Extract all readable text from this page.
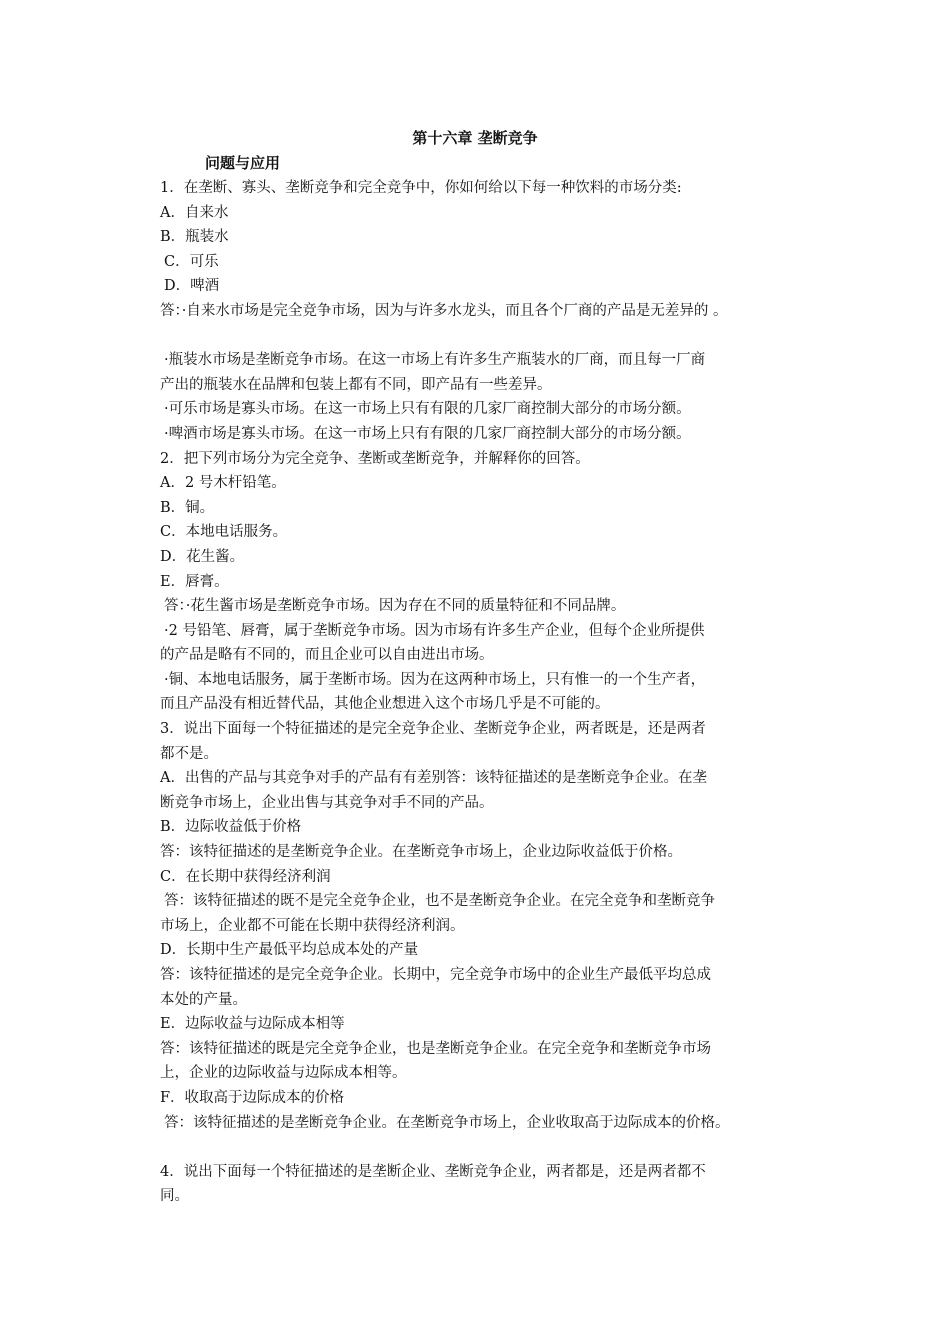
第十六章 垄断竞争
问题与应用
1．在垄断、寡头、垄断竞争和完全竞争中，你如何给以下每一种饮料的市场分类:
A．自来水
B．瓶装水
C．可乐
D．啤酒
答：·自来水市场是完全竞争市场，因为与许多水龙头，而且各个厂商的产品是无差异的 。
·瓶装水市场是垄断竞争市场。在这一市场上有许多生产瓶装水的厂商，而且每一厂商
产出的瓶装水在品牌和包装上都有不同，即产品有一些差异。
·可乐市场是寡头市场。在这一市场上只有有限的几家厂商控制大部分的市场分额。
·啤酒市场是寡头市场。在这一市场上只有有限的几家厂商控制大部分的市场分额。
2．把下列市场分为完全竞争、垄断或垄断竞争，并解释你的回答。
A．2 号木杆铅笔。
B．铜。
C．本地电话服务。
D．花生酱。
E．唇膏。
答：·花生酱市场是垄断竞争市场。因为存在不同的质量特征和不同品牌。
·2 号铅笔、唇膏，属于垄断竞争市场。因为市场有许多生产企业，但每个企业所提供
的产品是略有不同的，而且企业可以自由进出市场。
·铜、本地电话服务，属于垄断市场。因为在这两种市场上，只有惟一的一个生产者，
而且产品没有相近替代品，其他企业想进入这个市场几乎是不可能的。
3．说出下面每一个特征描述的是完全竞争企业、垄断竞争企业，两者既是，还是两者
都不是。
A．出售的产品与其竞争对手的产品有有差别答：该特征描述的是垄断竞争企业。在垄
断竞争市场上，企业出售与其竞争对手不同的产品。
B．边际收益低于价格
答：该特征描述的是垄断竞争企业。在垄断竞争市场上，企业边际收益低于价格。
C．在长期中获得经济利润
答：该特征描述的既不是完全竞争企业，也不是垄断竞争企业。在完全竞争和垄断竞争
市场上，企业都不可能在长期中获得经济利润。
D．长期中生产最低平均总成本处的产量
答：该特征描述的是完全竞争企业。长期中，完全竞争市场中的企业生产最低平均总成
本处的产量。
E．边际收益与边际成本相等
答：该特征描述的既是完全竞争企业，也是垄断竞争企业。在完全竞争和垄断竞争市场
上，企业的边际收益与边际成本相等。
F．收取高于边际成本的价格
答：该特征描述的是垄断竞争企业。在垄断竞争市场上，企业收取高于边际成本的价格。
4．说出下面每一个特征描述的是垄断企业、垄断竞争企业，两者都是，还是两者都不
同。
